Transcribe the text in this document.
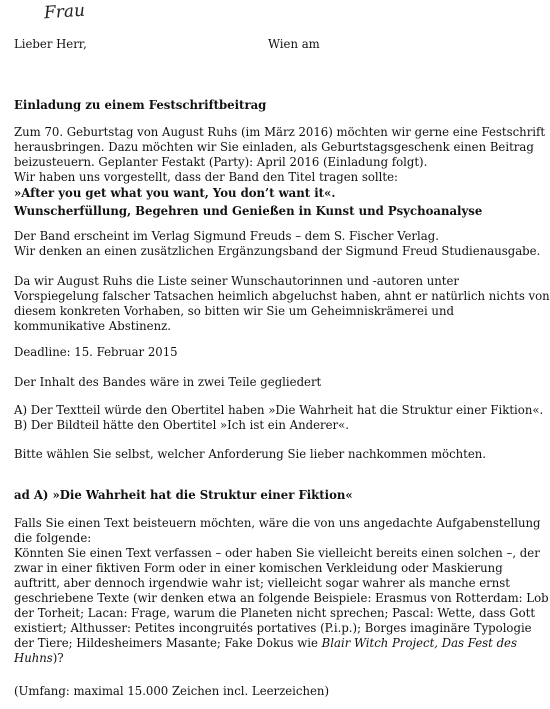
Frau
Lieber Herr,	Wien am
Einladung zu einem Festschriftbeitrag
Zum 70. Geburtstag von August Ruhs (im März 2016) möchten wir gerne eine Festschrift
herausbringen. Dazu möchten wir Sie einladen, als Geburtstagsgeschenk einen Beitrag
beizusteuern. Geplanter Festakt (Party): April 2016 (Einladung folgt).
Wir haben uns vorgestellt, dass der Band den Titel tragen sollte:
»After you get what you want, You don’t want it«.
Wunscherfüllung, Begehren und Genießen in Kunst und Psychoanalyse
Der Band erscheint im Verlag Sigmund Freuds – dem S. Fischer Verlag.
Wir denken an einen zusätzlichen Ergänzungsband der Sigmund Freud Studienausgabe.
Da wir August Ruhs die Liste seiner Wunschautorinnen und -autoren unter
Vorspiegelung falscher Tatsachen heimlich abgeluchst haben, ahnt er natürlich nichts von
diesem konkreten Vorhaben, so bitten wir Sie um Geheimniskrämerei und
kommunikative Abstinenz.
Deadline: 15. Februar 2015
Der Inhalt des Bandes wäre in zwei Teile gegliedert
A) Der Textteil würde den Obertitel haben »Die Wahrheit hat die Struktur einer Fiktion«.
B) Der Bildteil hätte den Obertitel »Ich ist ein Anderer«.
Bitte wählen Sie selbst, welcher Anforderung Sie lieber nachkommen möchten.
ad A) »Die Wahrheit hat die Struktur einer Fiktion«
Falls Sie einen Text beisteuern möchten, wäre die von uns angedachte Aufgabenstellung
die folgende:
Könnten Sie einen Text verfassen – oder haben Sie vielleicht bereits einen solchen –, der
zwar in einer fiktiven Form oder in einer komischen Verkleidung oder Maskierung
auftritt, aber dennoch irgendwie wahr ist; vielleicht sogar wahrer als manche ernst
geschriebene Texte (wir denken etwa an folgende Beispiele: Erasmus von Rotterdam: Lob
der Torheit; Lacan: Frage, warum die Planeten nicht sprechen; Pascal: Wette, dass Gott
existiert; Althusser: Petites incongruités portatives (P.i.p.); Borges imaginäre Typologie
der Tiere; Hildesheimers Masante; Fake Dokus wie Blair Witch Project, Das Fest des
Huhns)?
(Umfang: maximal 15.000 Zeichen incl. Leerzeichen)
